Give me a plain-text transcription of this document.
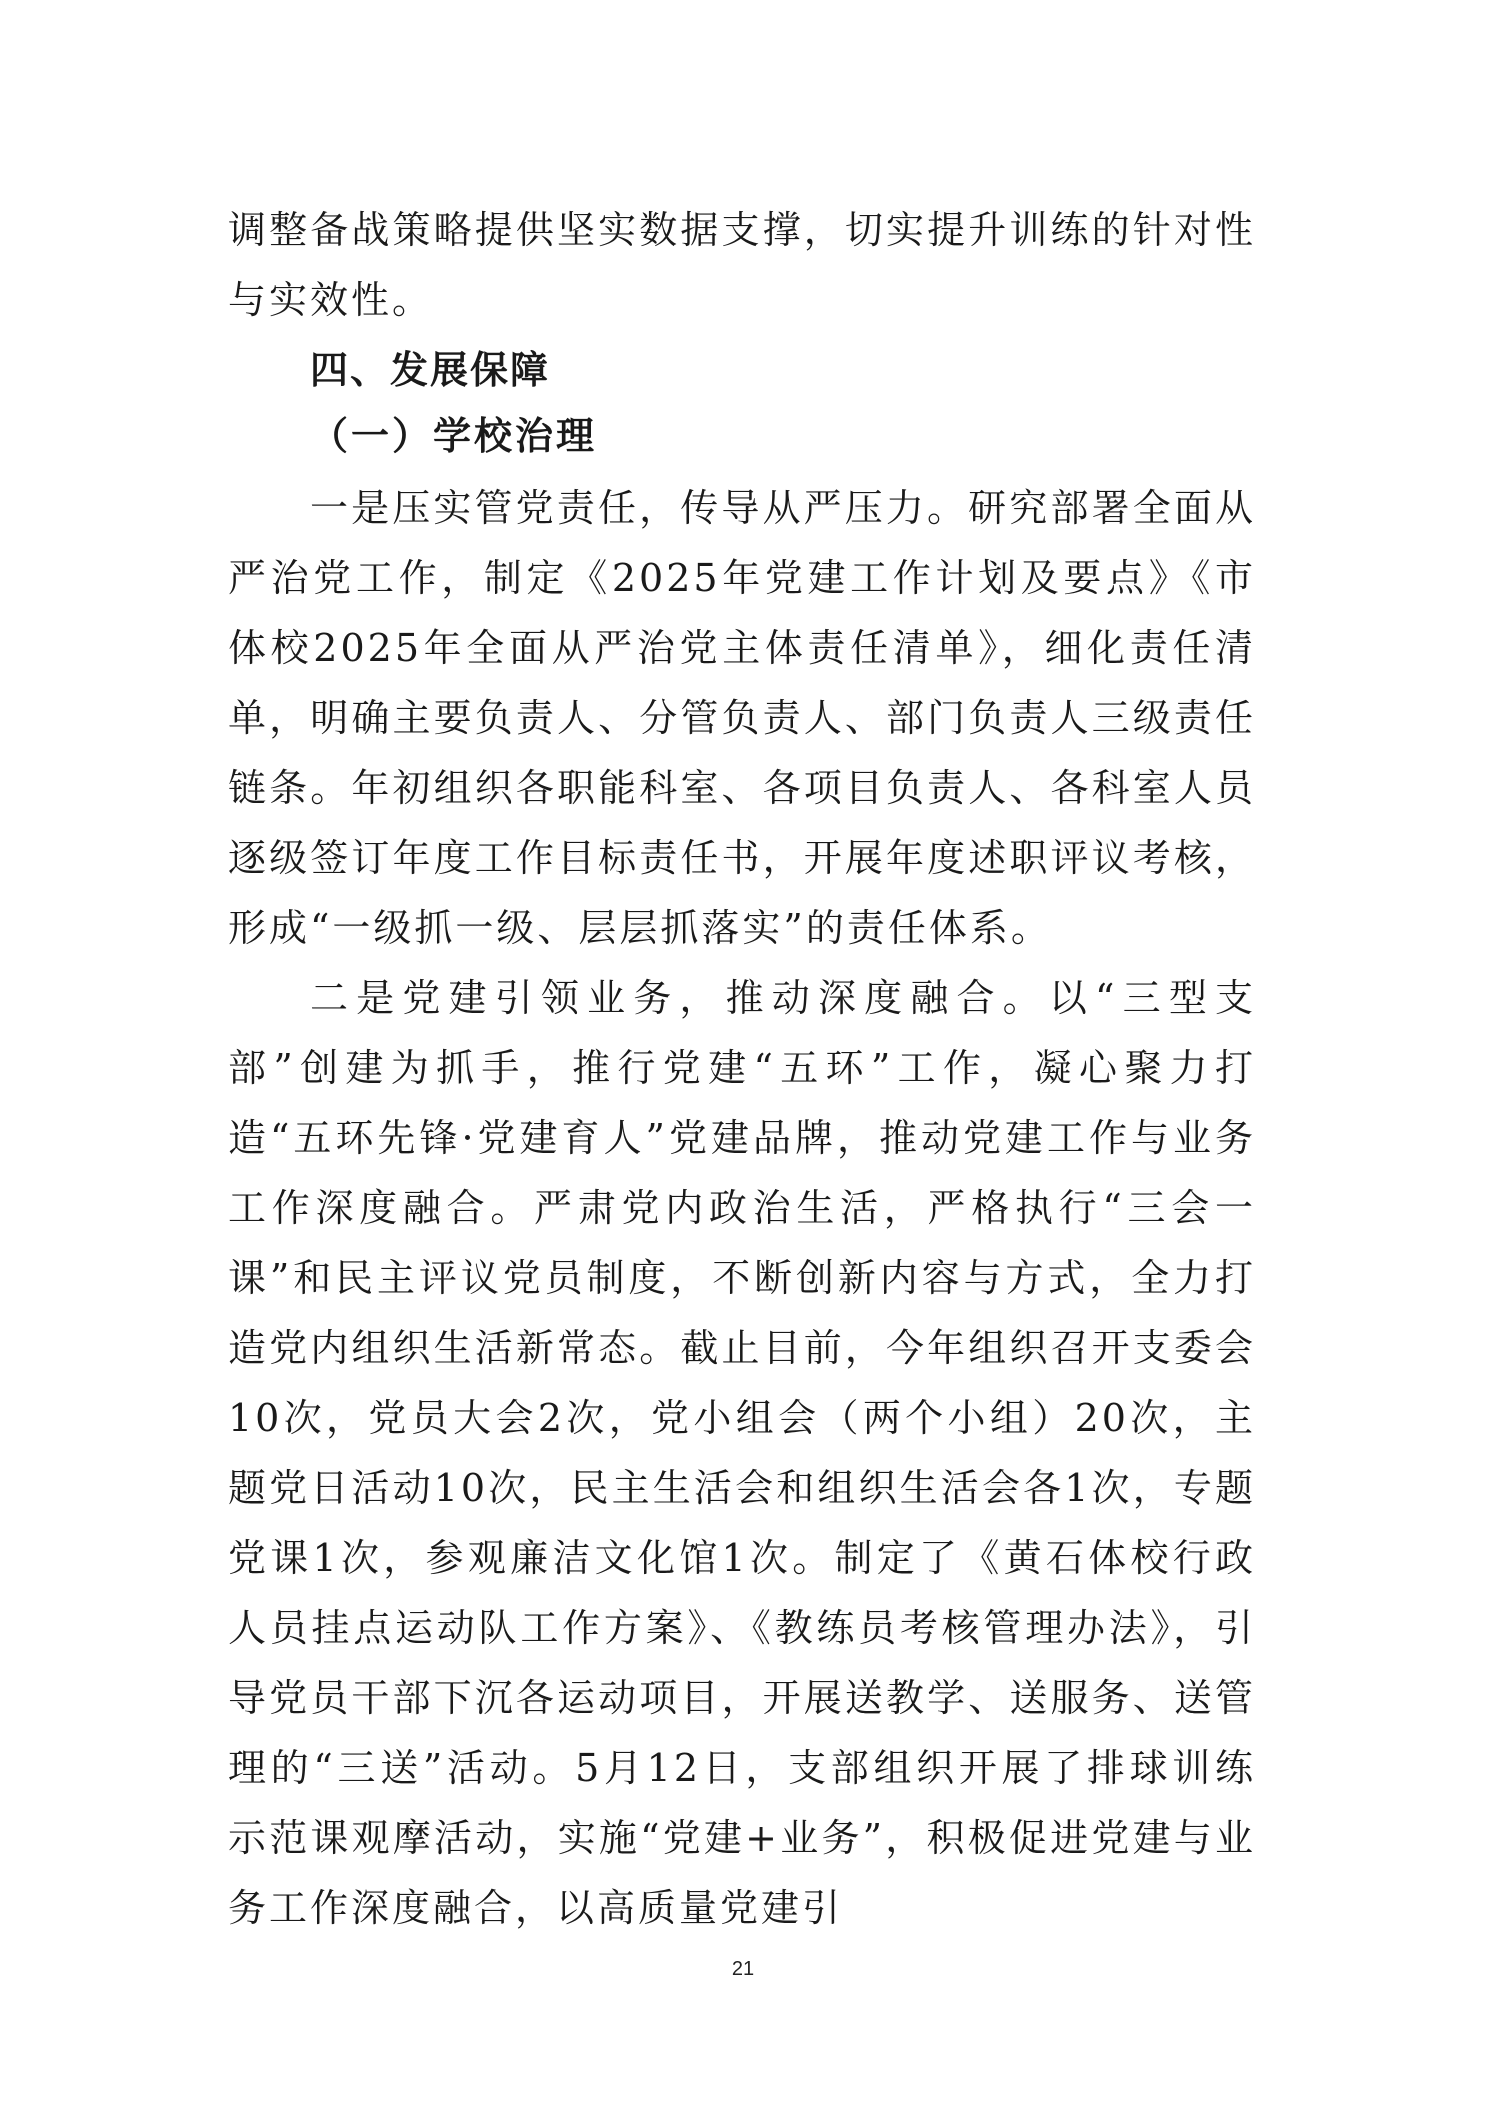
调整备战策略提供坚实数据支撑，切实提升训练的针对性与实效性。

四、发展保障
（一）学校治理

一是压实管党责任，传导从严压力。研究部署全面从严治党工作，制定《2025年党建工作计划及要点》《市体校2025年全面从严治党主体责任清单》，细化责任清单，明确主要负责人、分管负责人、部门负责人三级责任链条。年初组织各职能科室、各项目负责人、各科室人员逐级签订年度工作目标责任书，开展年度述职评议考核，形成“一级抓一级、层层抓落实”的责任体系。

二是党建引领业务，推动深度融合。以“三型支部”创建为抓手，推行党建“五环”工作，凝心聚力打造“五环先锋·党建育人”党建品牌，推动党建工作与业务工作深度融合。严肃党内政治生活，严格执行“三会一课”和民主评议党员制度，不断创新内容与方式，全力打造党内组织生活新常态。截止目前，今年组织召开支委会10次，党员大会2次，党小组会（两个小组）20次，主题党日活动10次，民主生活会和组织生活会各1次，专题党课1次，参观廉洁文化馆1次。制定了《黄石体校行政人员挂点运动队工作方案》、《教练员考核管理办法》，引导党员干部下沉各运动项目，开展送教学、送服务、送管理的“三送”活动。5月12日，支部组织开展了排球训练示范课观摩活动，实施“党建+业务”，积极促进党建与业务工作深度融合，以高质量党建引

21
